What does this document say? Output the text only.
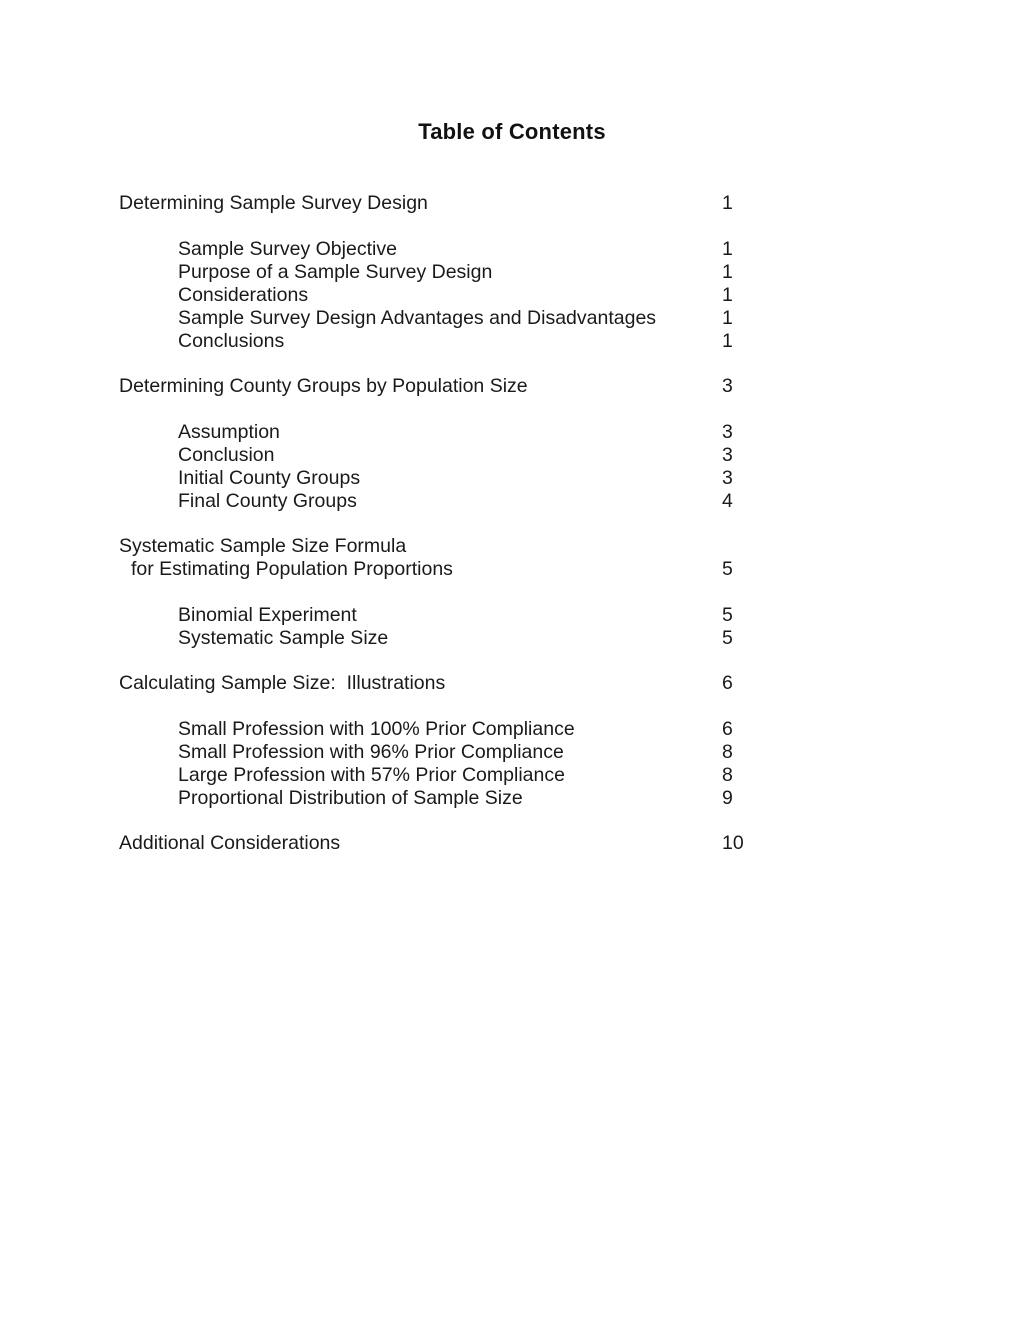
Table of Contents
Determining Sample Survey Design	1
Sample Survey Objective	1
Purpose of a Sample Survey Design	1
Considerations	1
Sample Survey Design Advantages and Disadvantages	1
Conclusions	1
Determining County Groups by Population Size	3
Assumption	3
Conclusion	3
Initial County Groups	3
Final County Groups	4
Systematic Sample Size Formula
for Estimating Population Proportions	5
Binomial Experiment	5
Systematic Sample Size	5
Calculating Sample Size:  Illustrations	6
Small Profession with 100% Prior Compliance	6
Small Profession with 96% Prior Compliance	8
Large Profession with 57% Prior Compliance	8
Proportional Distribution of Sample Size	9
Additional Considerations	10
